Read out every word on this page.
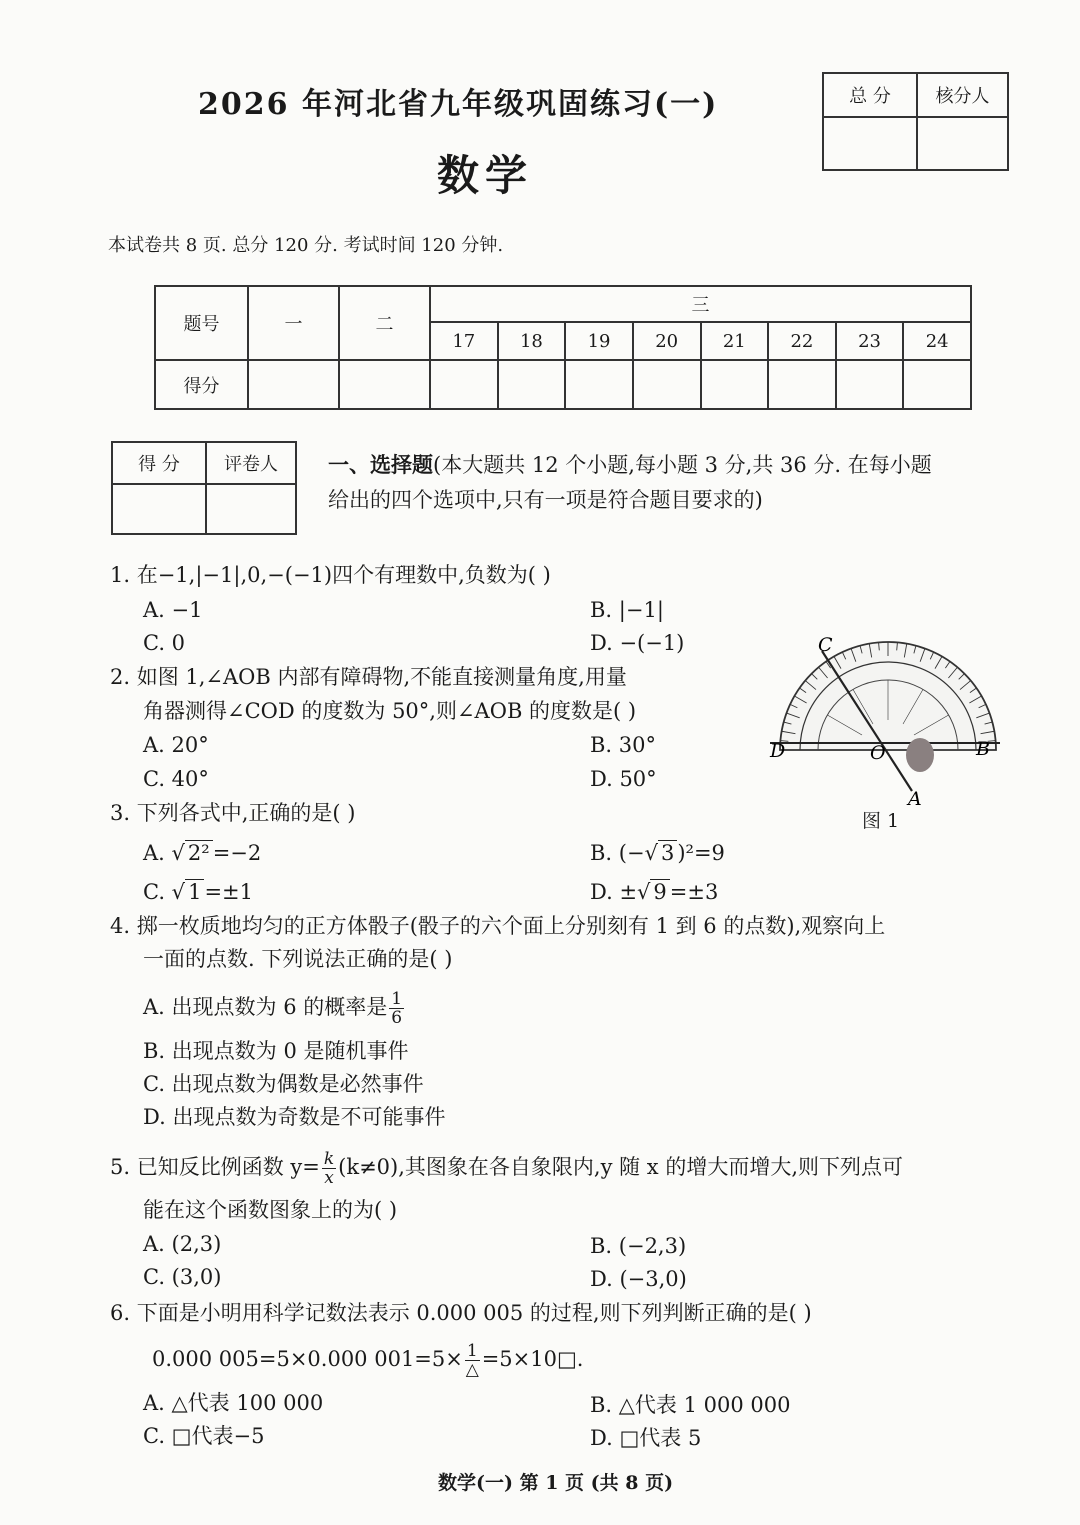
2026 年河北省九年级巩固练习(一)
数学
本试卷共 8 页. 总分 120 分. 考试时间 120 分钟.
总 分	核分人

题号	一	二	三							
			17	18	19	20	21	22	23	24
得分										
得 分	评卷人
	一、选择题(本大题共 12 个小题,每小题 3 分,共 36 分. 在每小题
给出的四个选项中,只有一项是符合题目要求的)
1. 在−1,|−1|,0,−(−1)四个有理数中,负数为( )
A. −1	B. |−1|
C. 0	D. −(−1)
2. 如图 1,∠AOB 内部有障碍物,不能直接测量角度,用量
角器测得∠COD 的度数为 50°,则∠AOB 的度数是( )
A. 20°	B. 30°
C. 40°	D. 50°
C
D	O	B
A
图 1
3. 下列各式中,正确的是( )
A. √ 2² =−2	B. (−√ 3 )²=9
C. √ 1 =±1	D. ±√ 9 =±3
4. 掷一枚质地均匀的正方体骰子(骰子的六个面上分别刻有 1 到 6 的点数),观察向上
一面的点数. 下列说法正确的是( )
A. 出现点数为 6 的概率是 $\frac{1}{6}$
B. 出现点数为 0 是随机事件
C. 出现点数为偶数是必然事件
D. 出现点数为奇数是不可能事件
5. 已知反比例函数 $y= \frac{k}{x} (k\ne 0)$,其图象在各自象限内,y 随 x 的增大而增大,则下列点可
能在这个函数图象上的为( )
A. (2,3)	B. (−2,3)
C. (3,0)	D. (−3,0)
6. 下面是小明用科学记数法表示 0.000 005 的过程,则下列判断正确的是( )
0.000 005=5×0.000 $001=5\times \frac{1}{\triangle}$ =5×10□.
A. △代表 100 000	B. △代表 1 000 000
C. □代表−5	D. □代表 5
数学(一) 第 1 页 (共 8 页)
